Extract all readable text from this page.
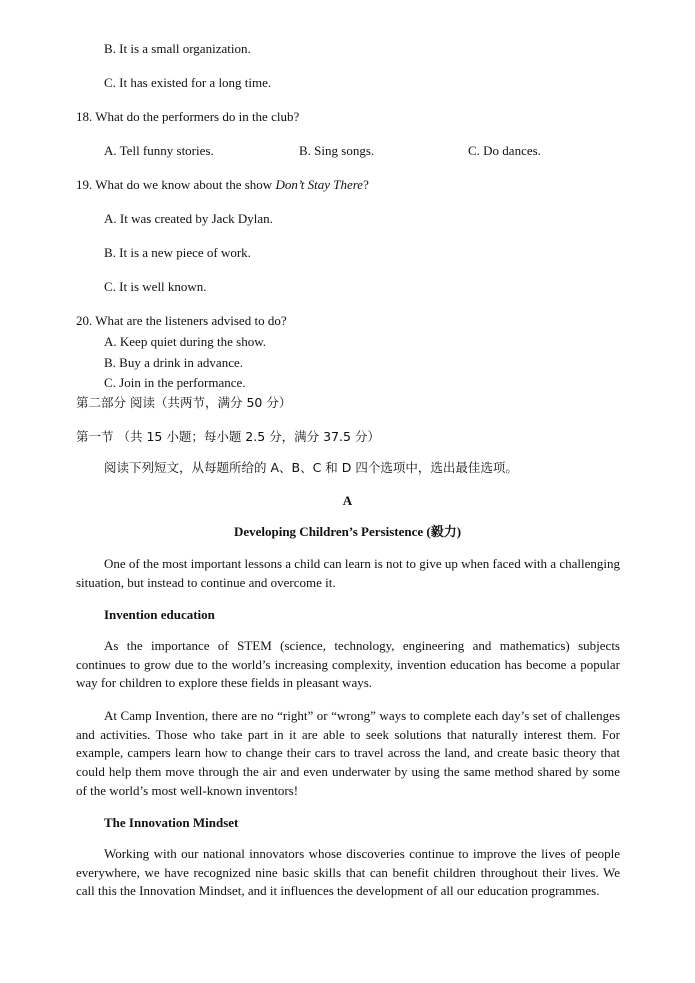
B. It is a small organization.
C. It has existed for a long time.
18. What do the performers do in the club?
A. Tell funny stories.	B. Sing songs.	C. Do dances.
19. What do we know about the show Don’t Stay There?
A. It was created by Jack Dylan.
B. It is a new piece of work.
C. It is well known.
20. What are the listeners advised to do?
A. Keep quiet during the show.
B. Buy a drink in advance.
C. Join in the performance.
第二部分 阅读（共两节，满分 50 分）
第一节 （共 15 小题；每小题 2.5 分，满分 37.5 分）
阅读下列短文，从每题所给的 A、B、C 和 D 四个选项中，选出最佳选项。
A
Developing Children’s Persistence (毅力)
One of the most important lessons a child can learn is not to give up when faced with a challenging situation, but instead to continue and overcome it.
Invention education
As the importance of STEM (science, technology, engineering and mathematics) subjects continues to grow due to the world’s increasing complexity, invention education has become a popular way for children to explore these fields in pleasant ways.
At Camp Invention, there are no “right” or “wrong” ways to complete each day’s set of challenges and activities. Those who take part in it are able to seek solutions that naturally interest them. For example, campers learn how to change their cars to travel across the land, and create basic theory that could help them move through the air and even underwater by using the same method shared by some of the world’s most well-known inventors!
The Innovation Mindset
Working with our national innovators whose discoveries continue to improve the lives of people everywhere, we have recognized nine basic skills that can benefit children throughout their lives. We call this the Innovation Mindset, and it influences the development of all our education programmes.
